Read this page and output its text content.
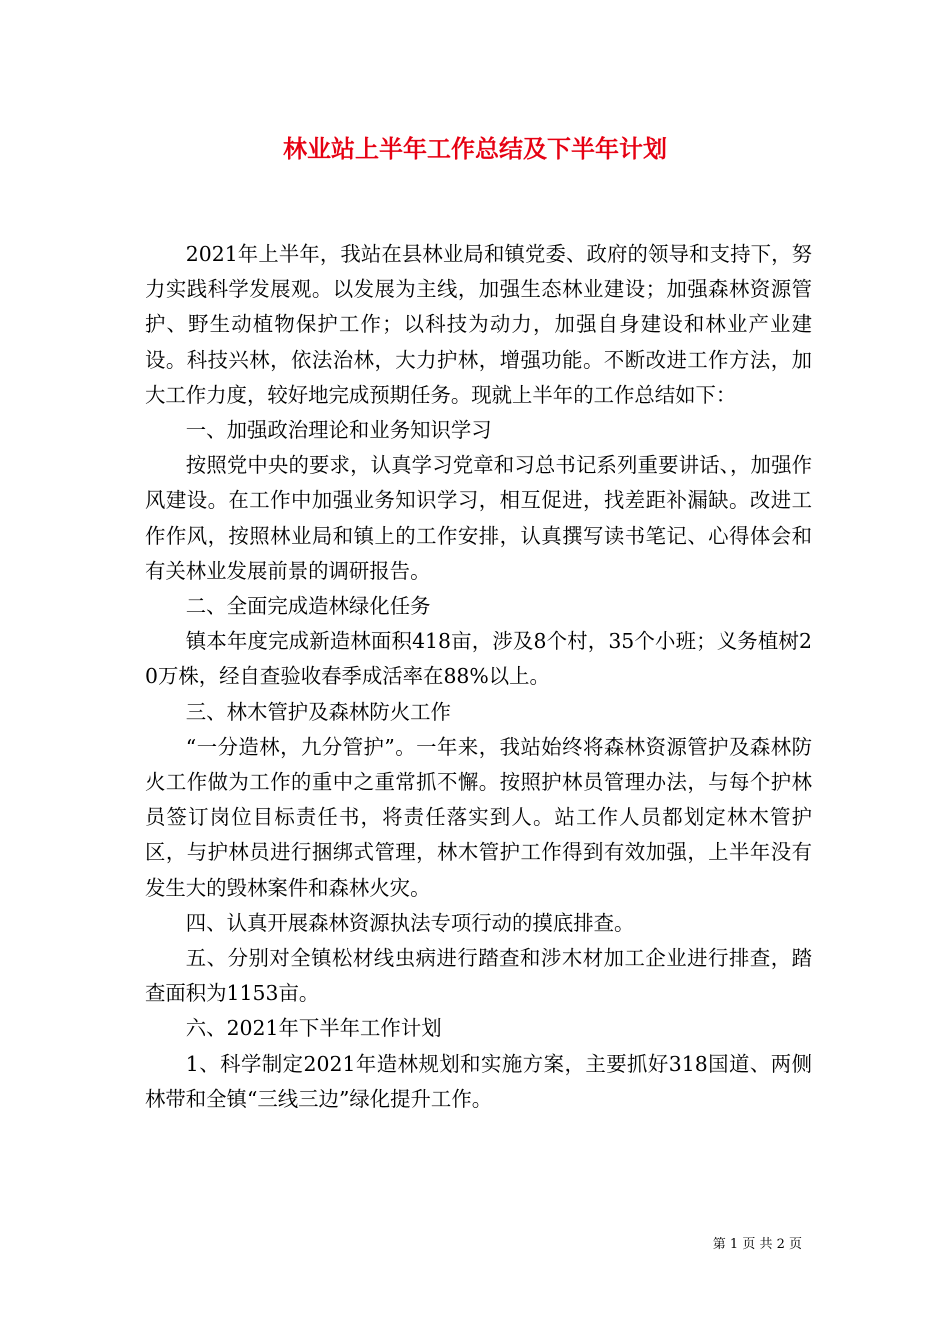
林业站上半年工作总结及下半年计划

2021年上半年，我站在县林业局和镇党委、政府的领导和支持下，努力实践科学发展观。以发展为主线，加强生态林业建设；加强森林资源管护、野生动植物保护工作；以科技为动力，加强自身建设和林业产业建设。科技兴林，依法治林，大力护林，增强功能。不断改进工作方法，加大工作力度，较好地完成预期任务。现就上半年的工作总结如下：

一、加强政治理论和业务知识学习

按照党中央的要求，认真学习党章和习总书记系列重要讲话、，加强作风建设。在工作中加强业务知识学习，相互促进，找差距补漏缺。改进工作作风，按照林业局和镇上的工作安排，认真撰写读书笔记、心得体会和有关林业发展前景的调研报告。

二、全面完成造林绿化任务

镇本年度完成新造林面积418亩，涉及8个村，35个小班；义务植树20万株，经自查验收春季成活率在88%以上。

三、林木管护及森林防火工作

“一分造林，九分管护”。一年来，我站始终将森林资源管护及森林防火工作做为工作的重中之重常抓不懈。按照护林员管理办法，与每个护林员签订岗位目标责任书，将责任落实到人。站工作人员都划定林木管护区，与护林员进行捆绑式管理，林木管护工作得到有效加强，上半年没有发生大的毁林案件和森林火灾。

四、认真开展森林资源执法专项行动的摸底排查。

五、分别对全镇松材线虫病进行踏查和涉木材加工企业进行排查，踏查面积为1153亩。

六、2021年下半年工作计划

1、科学制定2021年造林规划和实施方案，主要抓好318国道、两侧林带和全镇“三线三边”绿化提升工作。

第 1 页 共 2 页
